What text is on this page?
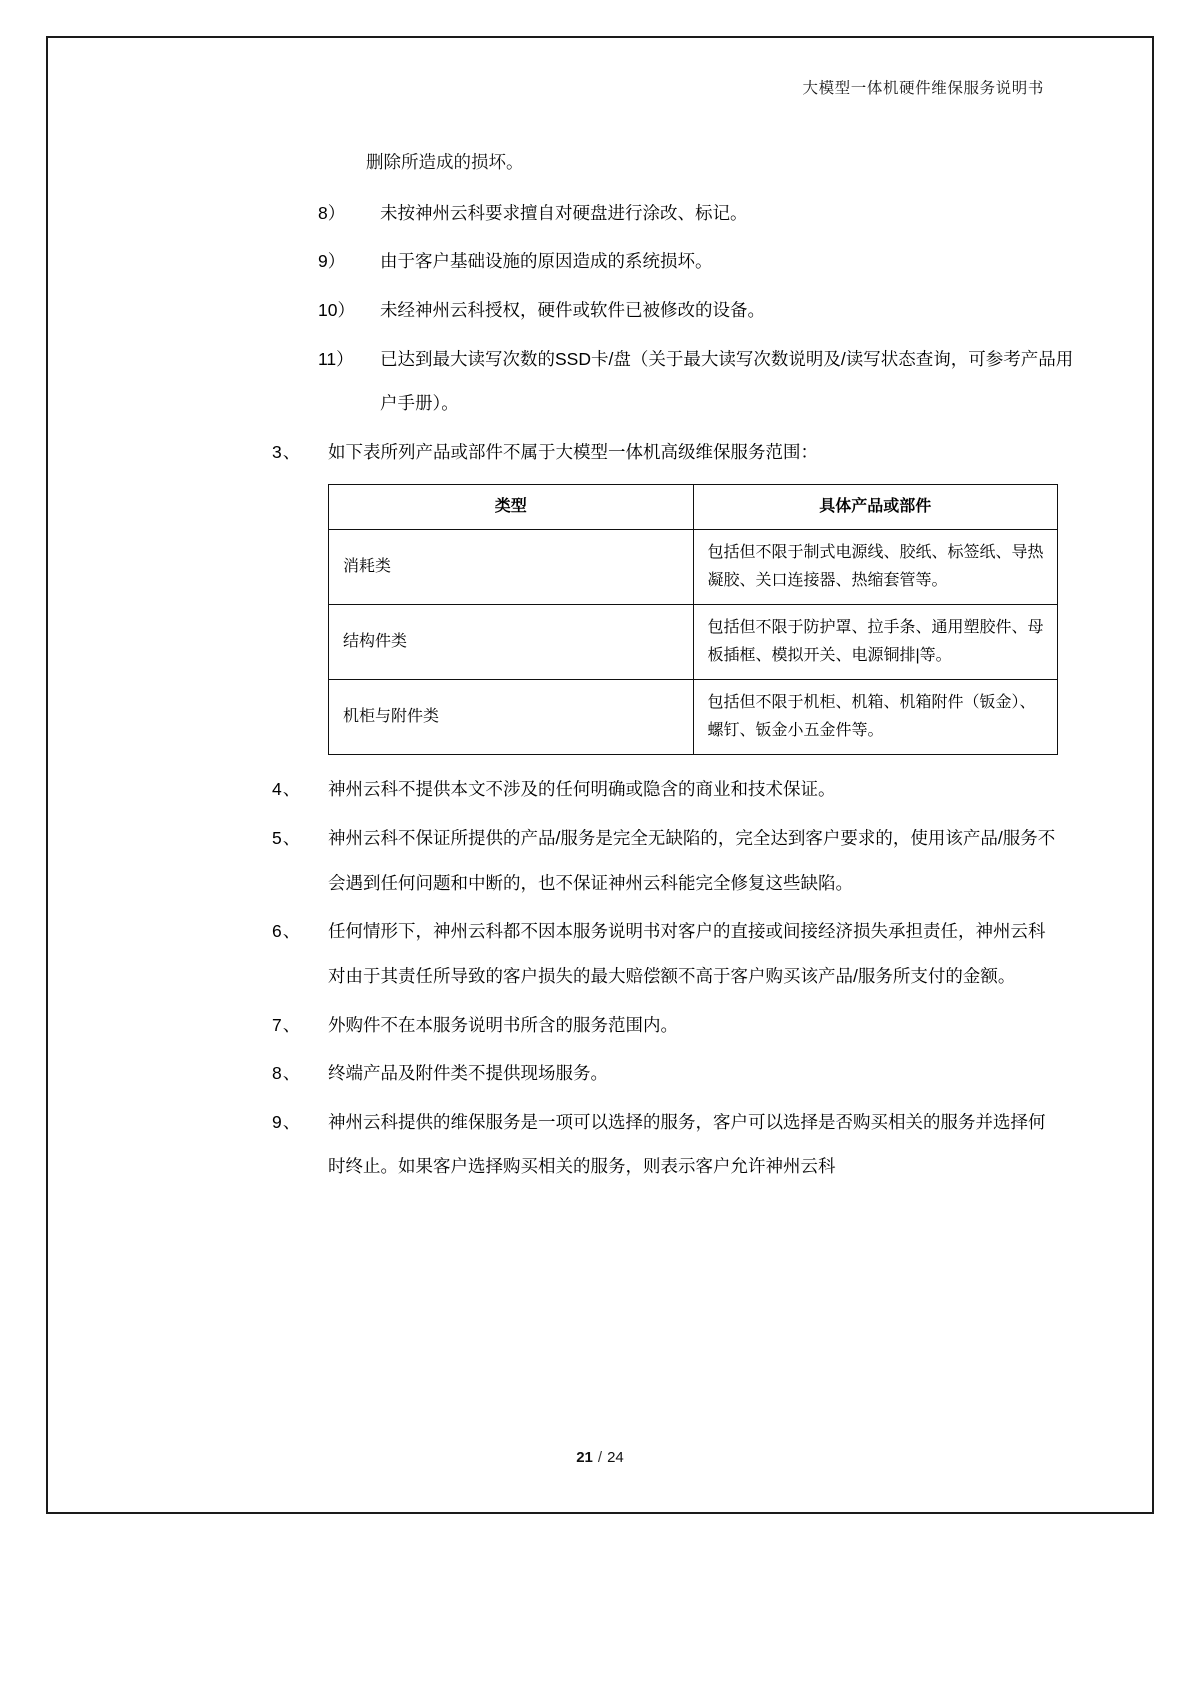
大模型一体机硬件维保服务说明书
删除所造成的损坏。
8）	未按神州云科要求擅自对硬盘进行涂改、标记。
9）	由于客户基础设施的原因造成的系统损坏。
10）	未经神州云科授权，硬件或软件已被修改的设备。
11）	已达到最大读写次数的SSD卡/盘（关于最大读写次数说明及/读写状态查询，可参考产品用户手册）。
3、	如下表所列产品或部件不属于大模型一体机高级维保服务范围：
类型	具体产品或部件
消耗类	包括但不限于制式电源线、胶纸、标签纸、导热凝胶、关口连接器、热缩套管等。
结构件类	包括但不限于防护罩、拉手条、通用塑胶件、母板插框、模拟开关、电源铜排|等。
机柜与附件类	包括但不限于机柜、机箱、机箱附件（钣金）、螺钉、钣金小五金件等。
4、	神州云科不提供本文不涉及的任何明确或隐含的商业和技术保证。
5、	神州云科不保证所提供的产品/服务是完全无缺陷的，完全达到客户要求的，使用该产品/服务不会遇到任何问题和中断的，也不保证神州云科能完全修复这些缺陷。
6、	任何情形下，神州云科都不因本服务说明书对客户的直接或间接经济损失承担责任，神州云科对由于其责任所导致的客户损失的最大赔偿额不高于客户购买该产品/服务所支付的金额。
7、	外购件不在本服务说明书所含的服务范围内。
8、	终端产品及附件类不提供现场服务。
9、	神州云科提供的维保服务是一项可以选择的服务，客户可以选择是否购买相关的服务并选择何时终止。如果客户选择购买相关的服务，则表示客户允许神州云科
21 / 24
